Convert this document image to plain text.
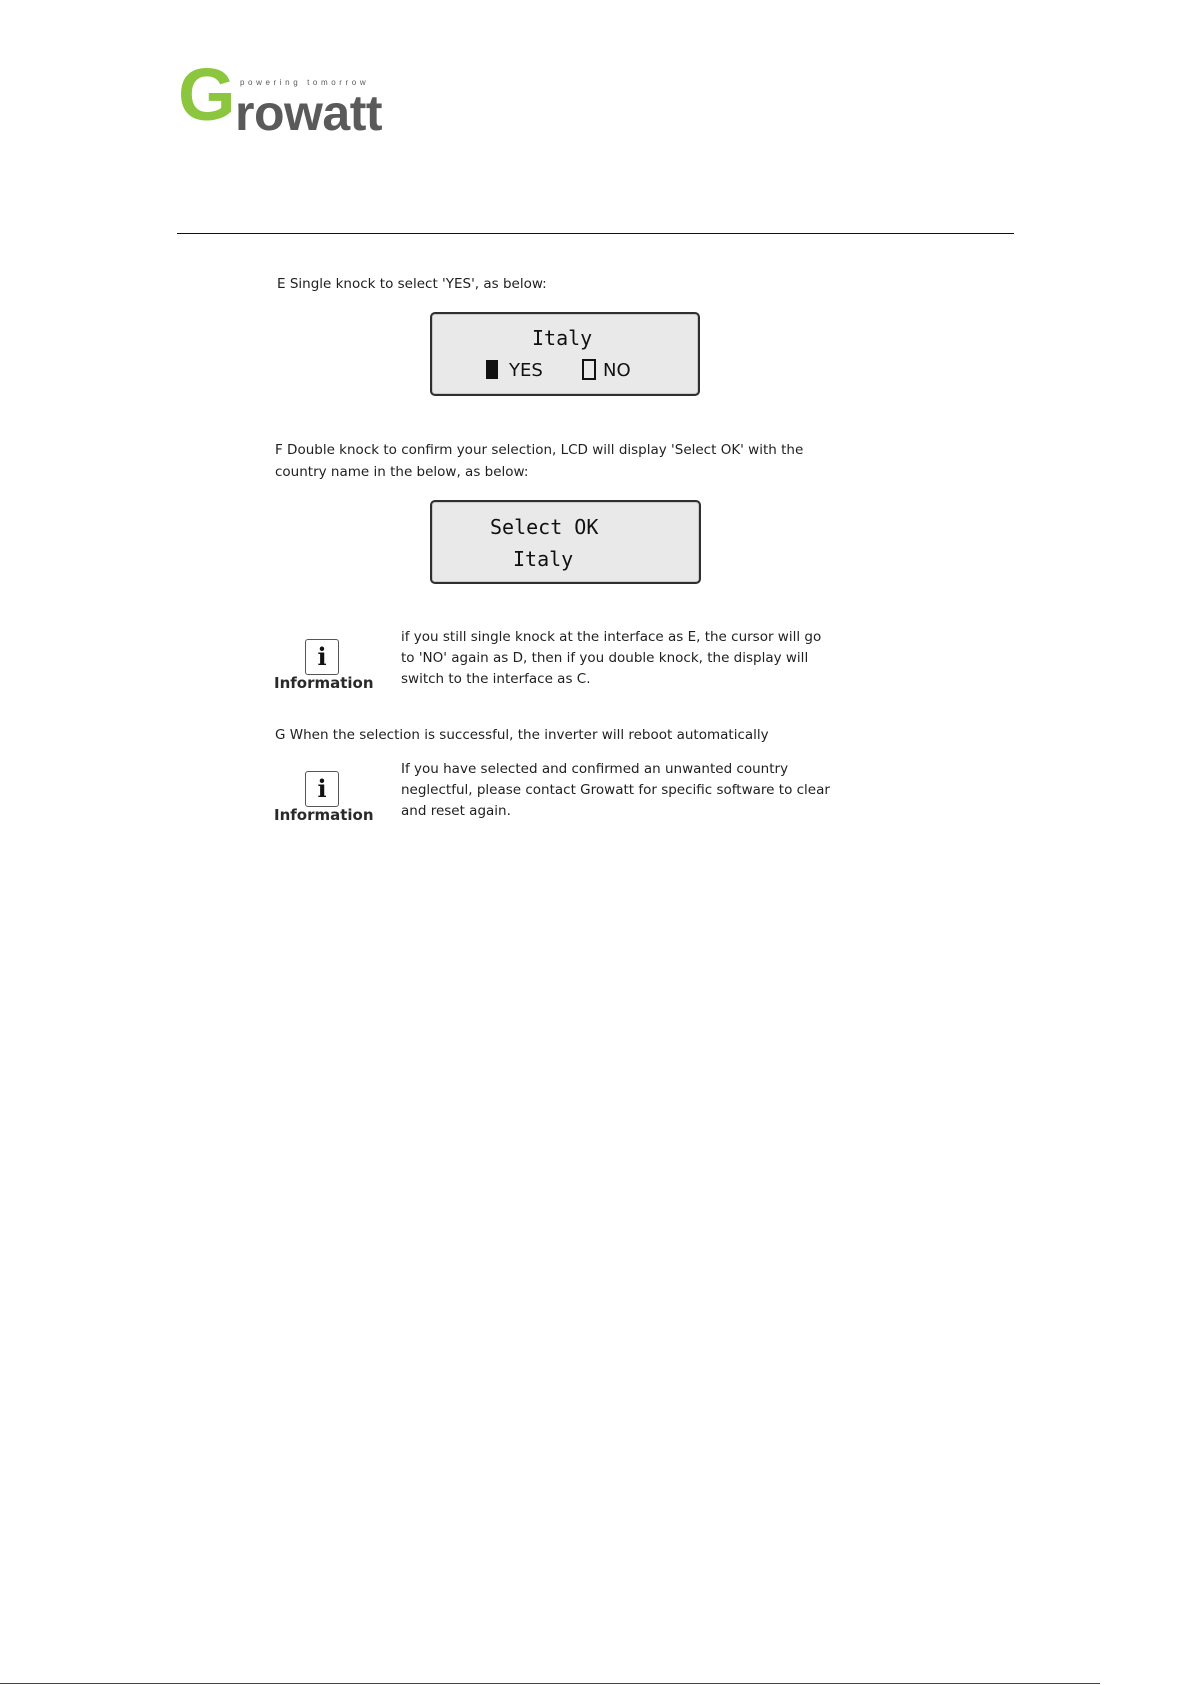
G powering tomorrow
rowatt
E Single knock to select 'YES', as below:
Italy
YES	NO
F Double knock to confirm your selection, LCD will display 'Select OK' with the
country name in the below, as below:
Select OK
Italy
i
Information
if you still single knock at the interface as E, the cursor will go
to 'NO' again as D, then if you double knock, the display will
switch to the interface as C.
G When the selection is successful, the inverter will reboot automatically
i
Information
If you have selected and confirmed an unwanted country
neglectful, please contact Growatt for specific software to clear
and reset again.
